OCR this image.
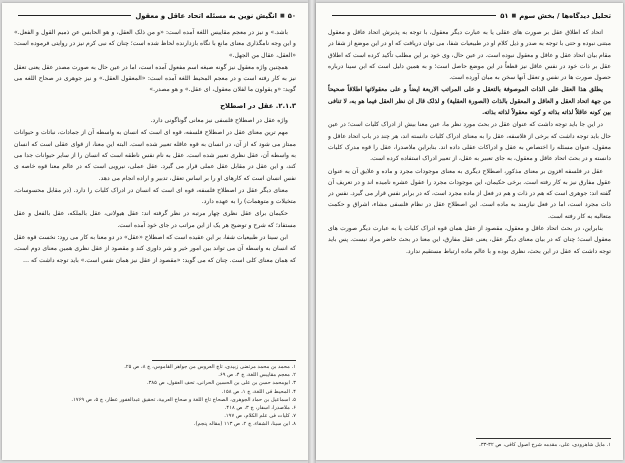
۵۰
■
انگیش نوین به مسئله اتحاد عاقل و معقول

باشد.» و نیز در معجم مقاییس اللغة آمده است: «و من ذلک العقل، و هو الحابس عن ذمیم القول و الفعل.» و این وجه نامگذاری معنای مانع با نگاه بازدارنده لحاظ شده است؛ چنان که نبی کرم نیز در روایتی فرموده است: «العقل، عقال من الجهل.»

همچنین واژه معقول نیز گونه صیغه اسم مفعول آمده است، اما در عین حال به صورت مصدر عقل یعنی تعقل نیز به کار رفته است و در معجم المحیط اللغة آمده است: «المعقول العقل.» و نیز جوهری در صحاح اللغه می گوید: «و یقولون ما لفلان معقول، ای عقل.» و هو مصدر.»

۲.۱.۳. عقل در اصطلاح

واژه عقل در اصطلاح فلسفی نیز معانی گوناگونی دارد.

مهم ترین معنای عقل در اصطلاح فلسفه، قوه ای است که انسان به واسطه آن از جمادات، نباتات و حیوانات ممتاز می شود که از آن، در انسان به قوه عاقله تعبیر شده است. البته این معنا، از قوای عقلی است که انسان به واسطه آن، عقل نظری تعبیر شده است. عقل به نام نفس ناطقه است که انسان را از سایر حیوانات جدا می کند، و این عقل در مقابل عقل عملی قرار می گیرد. عقل عملی، نیرویی است که در عالم معنا قوه خاصه ی نفس انسان است که کارهای او را بر اساس تعقل، تدبیر و اراده انجام می دهد.

معنای دیگر عقل در اصطلاح فلسفه، قوه ای است که انسان در ادراک کلیات را دارد. (در مقابل محسوسات، متخیلات و متوهمات) را به عهده دارد.

حکیمان برای عقل نظری چهار مرتبه در نظر گرفته اند: عقل هیولانی، عقل بالملکه، عقل بالفعل و عقل مستفاد؛ که شرح و توضیح هر یک از این مراتب در جای خود آمده است.

ابن سینا در طبیعیات شفا، بر این عقیده است که اصطلاح «عقل» در دو معنا به کار می رود: نخست قوه عقل که انسان به واسطه آن می تواند بین امور خیر و شر داوری کند و مقصود از عقل نظری همین معنای دوم است، که همان معنای کلی است. چنان که می گوید: «مقصود از عقل نیز همان نفس است.» باید توجه داشت که …

۱. محمد بن محمد مرتضی زبیدی، تاج العروس من جواهر القاموس، ج ۸، ص ۲۵.
۲. معجم مقاییس اللغة، ج ۴، ص ۶۹.
۳. ابومحمد حسن بن علی بن الحسین الحرانی، تحف العقول، ص ۳۸۵.
۴. المحیط فی اللغة، ج ۱، ص ۱۵۸.
۵. اسماعیل بن حماد الجوهری، الصحاح تاج اللغة و صحاح العربیة، تحقیق عبدالغفور عطار، ج ۵، ص ۱۷۶۹.
۶. ملاصدرا، اسفار، ج ۳، ص ۴۱۸.
۷. کلیات فی علم الکلام، ص ۱۹۷.
۸. ابن سینا، الشفاء، ج ۲، ص ۱۱۳ (مقاله پنجم).
تحلیل دیدگاه‌ها / بخش سوم
■
۵۱

اتحاد که اطلاق عقل بر صورت های عقلی یا به عبارت دیگر معقول، با توجه به پذیرش اتحاد عاقل و معقول مبتنی نبوده و حتی با توجه به صدر و ذیل کلام او در طبیعیات شفا، می توان دریافت که او در این موضع از شفا در مقام بیان اتحاد عقل و عاقل و معقول نبوده است. در عین حال، وی خود بر این مطلب تأکید کرده است که اطلاق عقل بر ذات خود در نفس عاقل نیز قطعاً در این موضع حاصل است؛ و به همین دلیل است که ابن سینا درباره حصول صورت ها در نفس و تعقل آنها سخن به میان آورده است.

یطلق هذا العقل علی الذات الموصوفة بالتعقل و علی المراتب الاربعة ایضاً و علی معقولاتها اطلاقاً صحیحاً من جهة اتحاد العقل و العاقل و المعقول بالذات (الصورة العقلیة) و لذلک قال ان نظر العقل فیما هو به، لا تنافی بین کونه عاقلاً لذاته بذاته و کونه معقولاً لذاته بذاته.

در این جا باید توجه داشت که عنوان عقل در بحث مورد نظر ما، عین معنا بیش از ادراک کلیات است؛ در عین حال باید توجه داشت که برخی از فلاسفه، عقل را به معنای ادراک کلیات دانسته اند، هر چند در باب اتحاد عاقل و معقول، عنوان مسئله را اختصاص به عقل و ادراکات عقلی داده اند. بنابراین ملاصدرا، عقل را قوه مدرک کلیات دانسته و در بحث اتحاد عاقل و معقول، به جای تعبیر به عقل، از تعبیر ادراک استفاده کرده است.

عقل در فلسفه افزون بر معنای مذکور، اصطلاح دیگری به معنای موجودات مجرد و ماده و علایق آن به عنوان عقول مفارق نیز به کار رفته است. برخی حکیمان، این موجودات مجرد را عقول عشره نامیده اند و در تعریف آن گفته اند: جوهری است که هم در ذات و هم در فعل از ماده مجرد است، که در برابر نفس قرار می گیرد. نفس در ذات مجرد است، اما در فعل نیازمند به ماده است. این اصطلاح عقل در نظام فلسفی مشاء، اشراق و حکمت متعالیه به کار رفته است.

بنابراین، در بحث اتحاد عاقل و معقول، مقصود از عقل همان قوه ادراک کلیات یا به عبارت دیگر صورت های معقول است؛ چنان که در بیان معنای دیگر عقل، یعنی عقل مفارق، این معنا در بحث حاضر مراد نیست. پس باید توجه داشت که عقل در این بحث، نظری بوده و با عالم ماده ارتباط مستقیم ندارد.

۱. مایل شاهرودی، علی، مقدمه شرح اصول کافی، ص ۳۲-۳۳.
